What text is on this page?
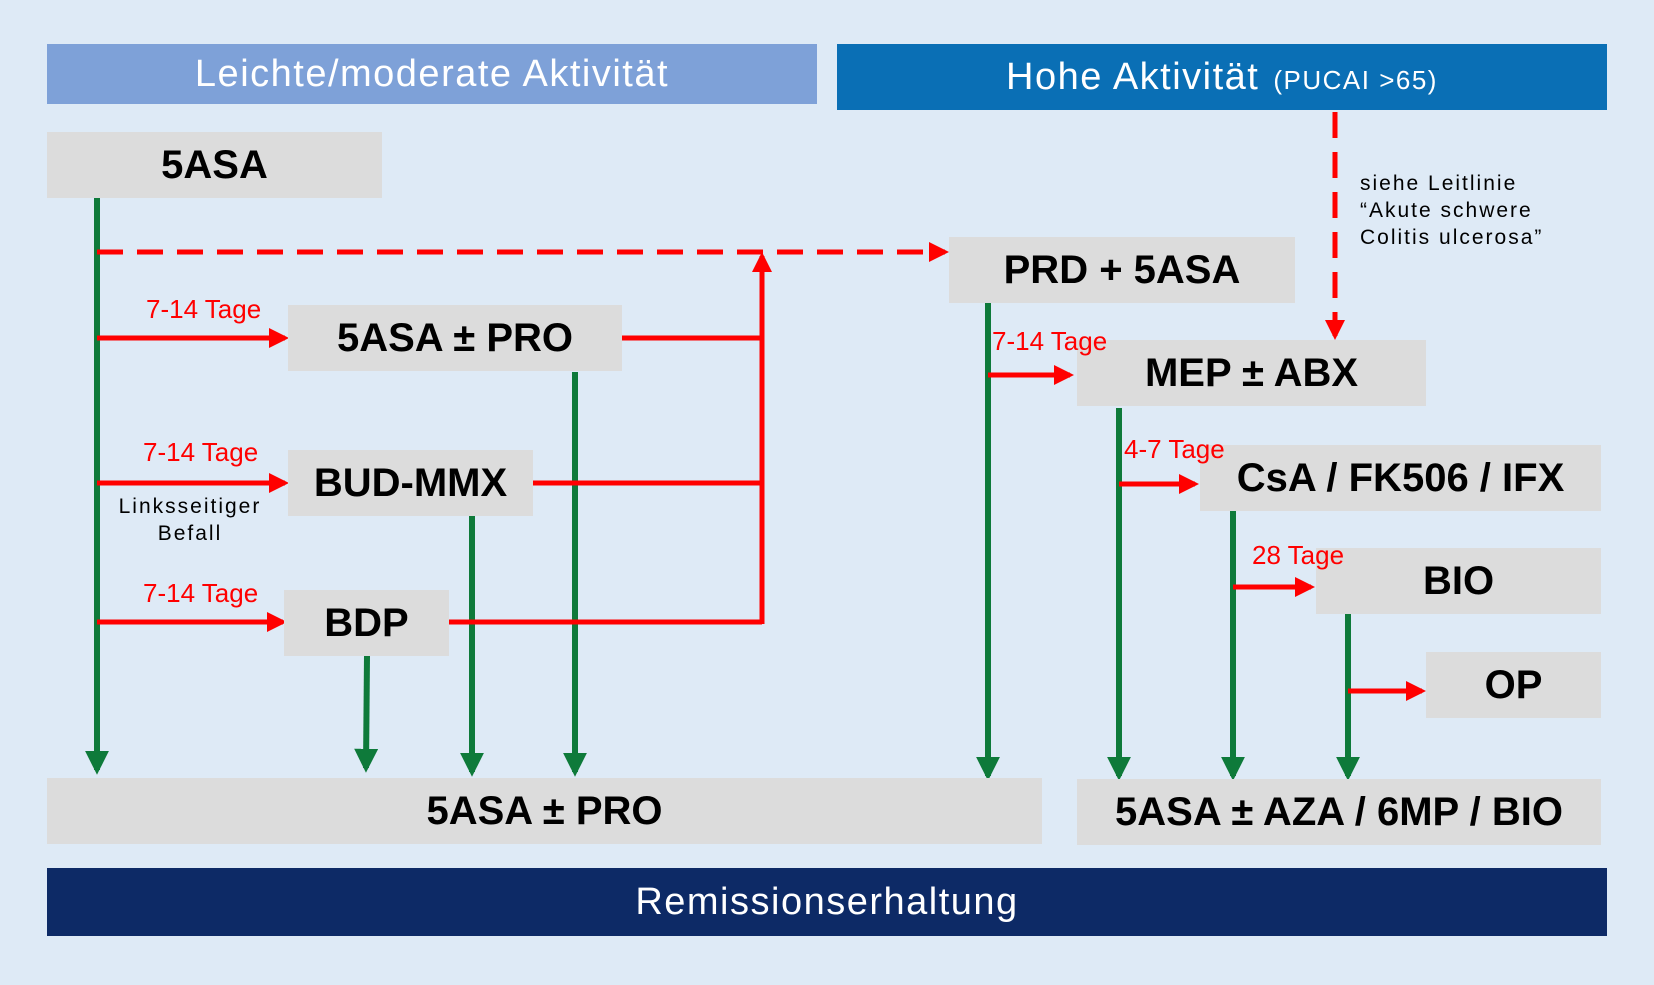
Leichte/moderate Aktivität	Hohe Aktivität (PUCAI >65)
Remissionserhaltung
5ASA
5ASA ± PRO
BUD-MMX
BDP
PRD + 5ASA
MEP ± ABX
CsA / FK506 / IFX
BIO
OP
5ASA ± PRO	5ASA ± AZA / 6MP / BIO
7-14 Tage
7-14 Tage
7-14 Tage
7-14 Tage
4-7 Tage
28 Tage
Linksseitiger
Befall
siehe Leitlinie
“Akute schwere
Colitis ulcerosa”
